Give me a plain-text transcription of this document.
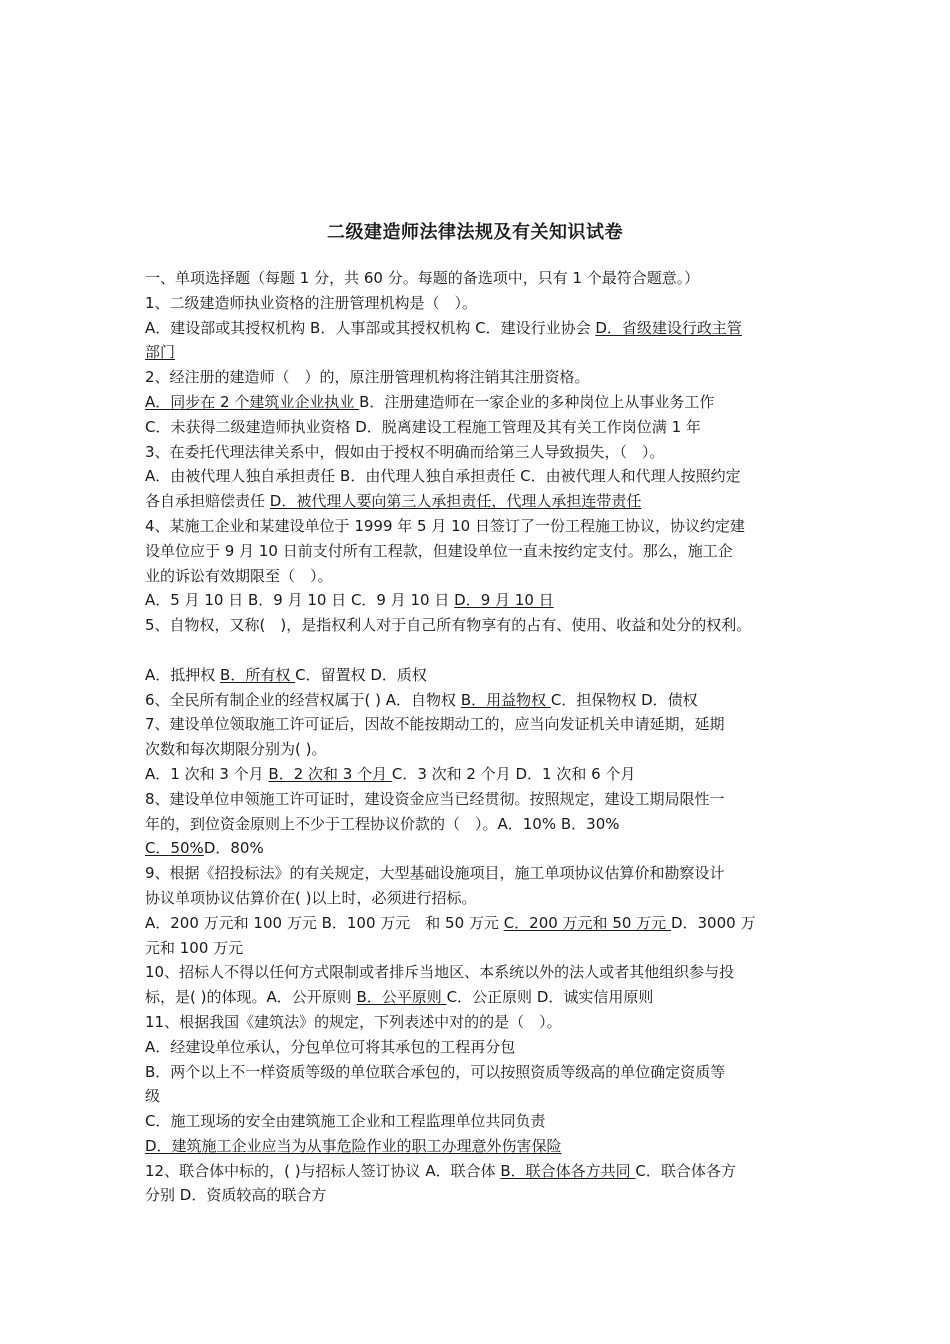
二级建造师法律法规及有关知识试卷
一、单项选择题（每题 1 分，共 60 分。每题的备选项中，只有 1 个最符合题意。）
1、二级建造师执业资格的注册管理机构是（　）。
A．建设部或其授权机构 B．人事部或其授权机构 C．建设行业协会 D．省级建设行政主管
部门
2、经注册的建造师（　）的，原注册管理机构将注销其注册资格。
A．同步在 2 个建筑业企业执业 B．注册建造师在一家企业的多种岗位上从事业务工作
C．未获得二级建造师执业资格 D．脱离建设工程施工管理及其有关工作岗位满 1 年
3、在委托代理法律关系中，假如由于授权不明确而给第三人导致损失，（　）。
A．由被代理人独自承担责任 B．由代理人独自承担责任 C．由被代理人和代理人按照约定
各自承担赔偿责任 D．被代理人要向第三人承担责任，代理人承担连带责任
4、某施工企业和某建设单位于 1999 年 5 月 10 日签订了一份工程施工协议，协议约定建
设单位应于 9 月 10 日前支付所有工程款，但建设单位一直未按约定支付。那么，施工企
业的诉讼有效期限至（　）。
A．5 月 10 日 B．9 月 10 日 C．9 月 10 日 D．9 月 10 日
5、自物权，又称(　)，是指权利人对于自己所有物享有的占有、使用、收益和处分的权利。
A．抵押权 B．所有权 C．留置权 D．质权
6、全民所有制企业的经营权属于( ) A．自物权 B．用益物权 C．担保物权 D．债权
7、建设单位领取施工许可证后，因故不能按期动工的，应当向发证机关申请延期，延期
次数和每次期限分别为( )。
A．1 次和 3 个月 B．2 次和 3 个月 C．3 次和 2 个月 D．1 次和 6 个月
8、建设单位申领施工许可证时，建设资金应当已经贯彻。按照规定，建设工期局限性一
年的，到位资金原则上不少于工程协议价款的（　）。A．10% B．30%
C．50%D．80%
9、根据《招投标法》的有关规定，大型基础设施项目，施工单项协议估算价和勘察设计
协议单项协议估算价在( )以上时，必须进行招标。
A．200 万元和 100 万元 B．100 万元　和 50 万元 C．200 万元和 50 万元 D．3000 万
元和 100 万元
10、招标人不得以任何方式限制或者排斥当地区、本系统以外的法人或者其他组织参与投
标，是( )的体现。A．公开原则 B．公平原则 C．公正原则 D．诚实信用原则
11、根据我国《建筑法》的规定，下列表述中对的的是（　）。
A．经建设单位承认，分包单位可将其承包的工程再分包
B．两个以上不一样资质等级的单位联合承包的，可以按照资质等级高的单位确定资质等
级
C．施工现场的安全由建筑施工企业和工程监理单位共同负责
D．建筑施工企业应当为从事危险作业的职工办理意外伤害保险
12、联合体中标的，( )与招标人签订协议 A．联合体 B．联合体各方共同 C．联合体各方
分别 D．资质较高的联合方
